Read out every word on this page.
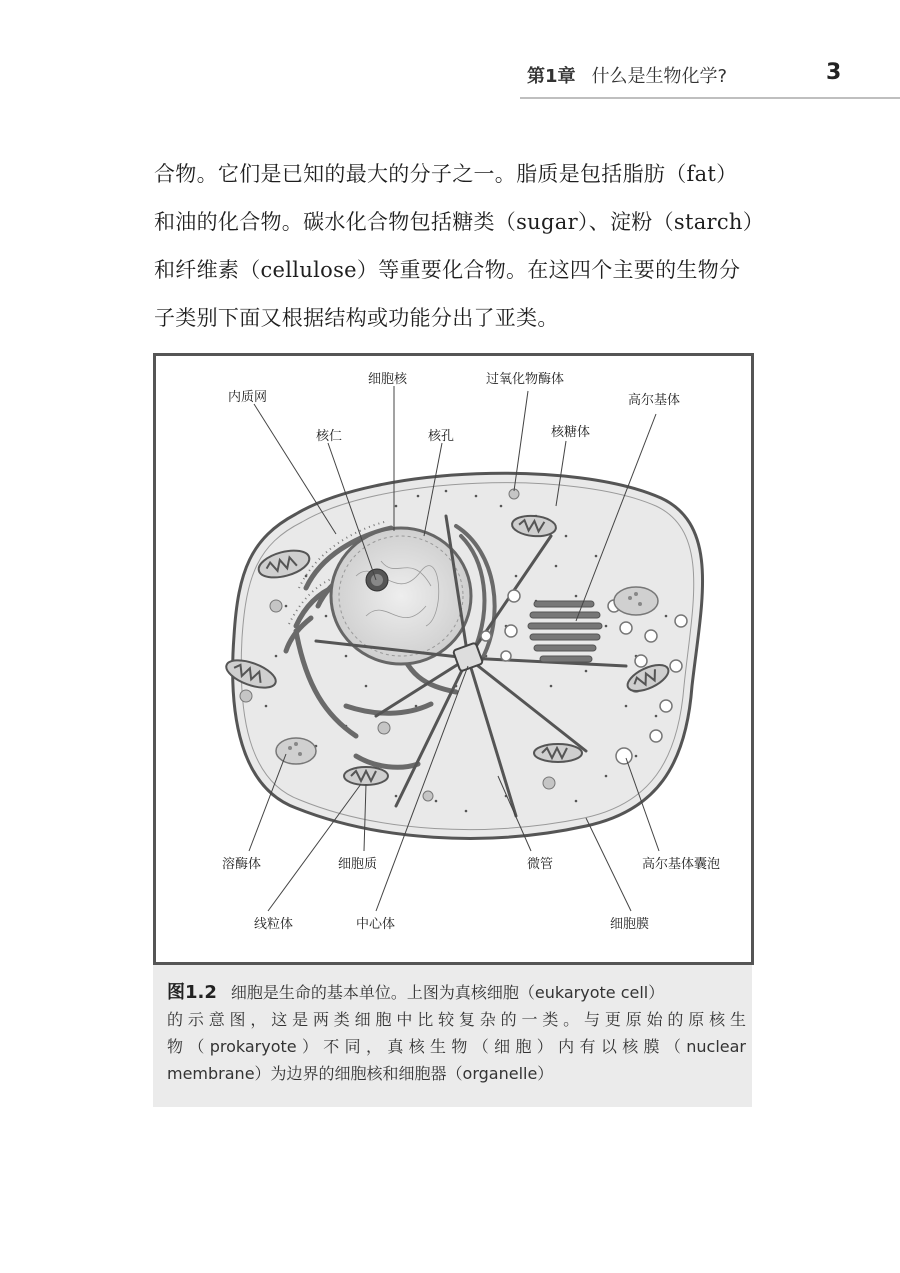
第1章 什么是生物化学?	3
合物。它们是已知的最大的分子之一。脂质是包括脂肪（fat）
和油的化合物。碳水化合物包括糖类（sugar）、淀粉（starch）
和纤维素（cellulose）等重要化合物。在这四个主要的生物分
子类别下面又根据结构或功能分出了亚类。
细胞核	过氧化物酶体
内质网	高尔基体
核仁	核孔	核糖体
溶酶体	细胞质	微管	高尔基体囊泡
线粒体	中心体	细胞膜
图1.2 细胞是生命的基本单位。上图为真核细胞（eukaryote cell）
的示意图，这是两类细胞中比较复杂的一类。与更原始的原核生
物（prokaryote）不同，真核生物（细胞）内有以核膜（nuclear
membrane）为边界的细胞核和细胞器（organelle）
